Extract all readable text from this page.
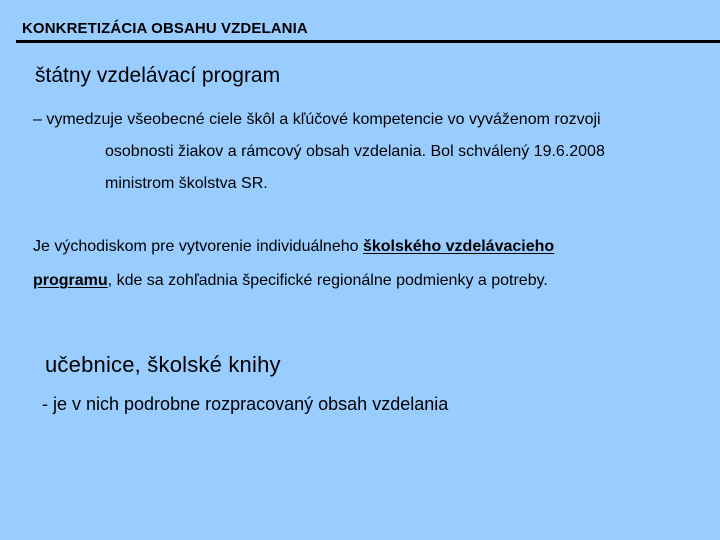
KONKRETIZÁCIA OBSAHU VZDELANIA
štátny vzdelávací program
– vymedzuje všeobecné ciele škôl a kľúčové kompetencie vo vyváženom rozvoji
osobnosti žiakov a rámcový obsah vzdelania. Bol schválený 19.6.2008
ministrom školstva SR.
Je východiskom pre vytvorenie individuálneho školského vzdelávacieho
programu, kde sa zohľadnia špecifické regionálne podmienky a potreby.
učebnice, školské knihy
- je v nich podrobne rozpracovaný obsah vzdelania
